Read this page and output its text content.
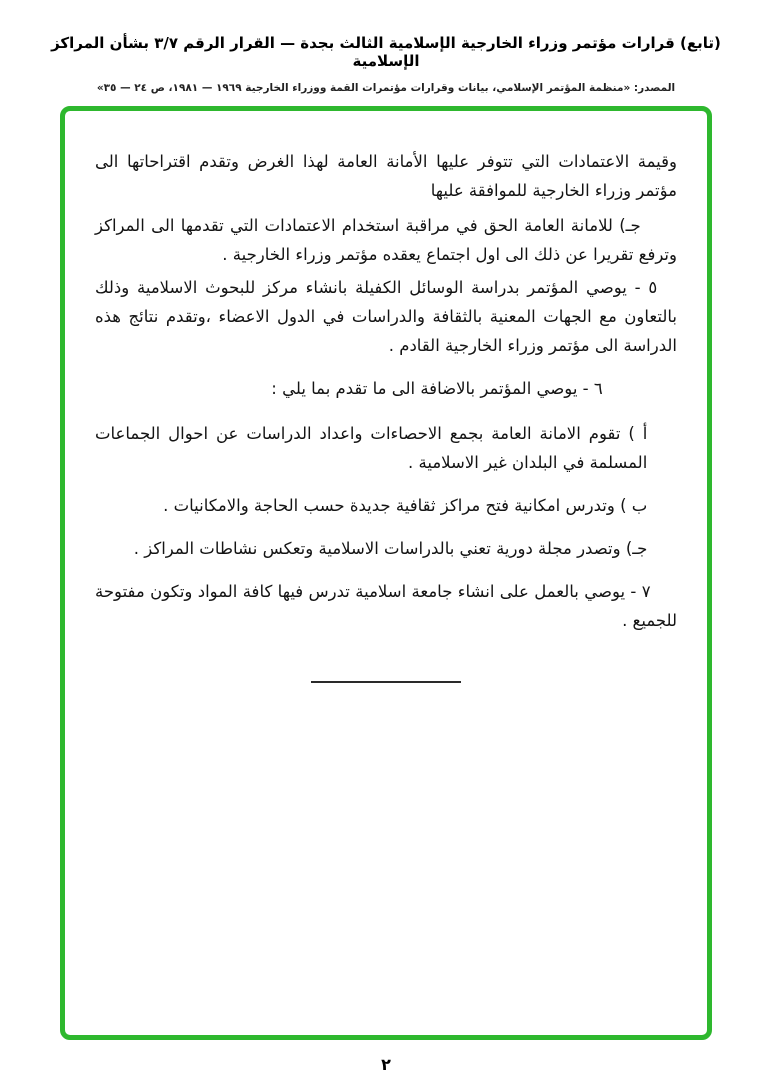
(تابع) قرارات مؤتمر وزراء الخارجية الإسلامية الثالث بجدة — القرار الرقم ٣/٧ بشأن المراكز الإسلامية
المصدر: «منظمة المؤتمر الإسلامي، بيانات وقرارات مؤتمرات القمة ووزراء الخارجية ١٩٦٩ — ١٩٨١، ص ٢٤ — ٣٥»

وقيمة الاعتمادات التي تتوفر عليها الأمانة العامة لهذا الغرض وتقدم اقتراحاتها الى مؤتمر وزراء الخارجية للموافقة عليها

جـ) للامانة العامة الحق في مراقبة استخدام الاعتمادات التي تقدمها الى المراكز وترفع تقريرا عن ذلك الى اول اجتماع يعقده مؤتمر وزراء الخارجية .

٥ - يوصي المؤتمر بدراسة الوسائل الكفيلة بانشاء مركز للبحوث الاسلامية وذلك بالتعاون مع الجهات المعنية بالثقافة والدراسات في الدول الاعضاء ،وتقدم نتائج هذه الدراسة الى مؤتمر وزراء الخارجية القادم .

٦ - يوصي المؤتمر بالاضافة الى ما تقدم بما يلي :

أ ) تقوم الامانة العامة بجمع الاحصاءات واعداد الدراسات عن احوال الجماعات المسلمة في البلدان غير الاسلامية .

ب ) وتدرس امكانية فتح مراكز ثقافية جديدة حسب الحاجة والامكانيات .

جـ) وتصدر مجلة دورية تعني بالدراسات الاسلامية وتعكس نشاطات المراكز .

٧ - يوصي بالعمل على انشاء جامعة اسلامية تدرس فيها كافة المواد وتكون مفتوحة للجميع .

٢
